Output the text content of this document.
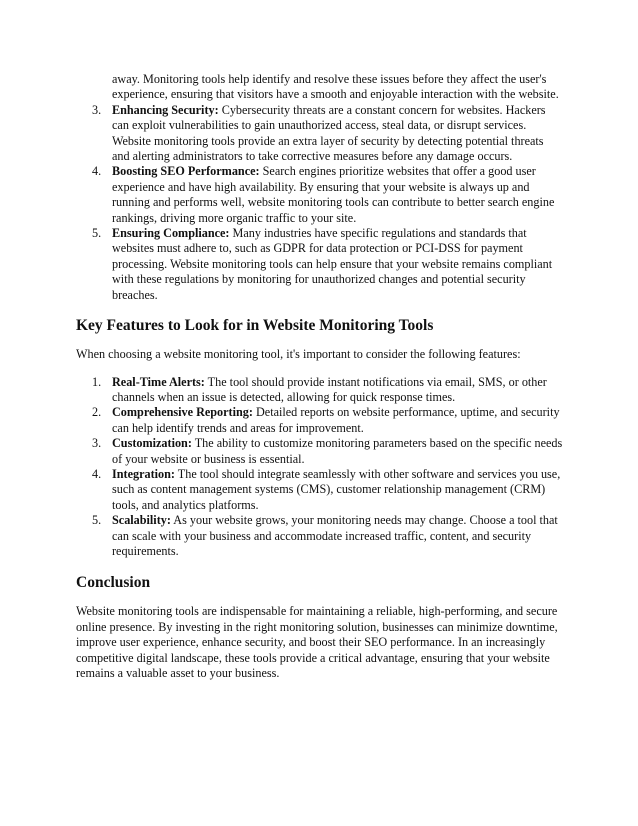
away. Monitoring tools help identify and resolve these issues before they affect the user's experience, ensuring that visitors have a smooth and enjoyable interaction with the website.

3. Enhancing Security: Cybersecurity threats are a constant concern for websites. Hackers can exploit vulnerabilities to gain unauthorized access, steal data, or disrupt services. Website monitoring tools provide an extra layer of security by detecting potential threats and alerting administrators to take corrective measures before any damage occurs.
4. Boosting SEO Performance: Search engines prioritize websites that offer a good user experience and have high availability. By ensuring that your website is always up and running and performs well, website monitoring tools can contribute to better search engine rankings, driving more organic traffic to your site.
5. Ensuring Compliance: Many industries have specific regulations and standards that websites must adhere to, such as GDPR for data protection or PCI-DSS for payment processing. Website monitoring tools can help ensure that your website remains compliant with these regulations by monitoring for unauthorized changes and potential security breaches.
Key Features to Look for in Website Monitoring Tools

When choosing a website monitoring tool, it's important to consider the following features:

1. Real-Time Alerts: The tool should provide instant notifications via email, SMS, or other channels when an issue is detected, allowing for quick response times.
2. Comprehensive Reporting: Detailed reports on website performance, uptime, and security can help identify trends and areas for improvement.
3. Customization: The ability to customize monitoring parameters based on the specific needs of your website or business is essential.
4. Integration: The tool should integrate seamlessly with other software and services you use, such as content management systems (CMS), customer relationship management (CRM) tools, and analytics platforms.
5. Scalability: As your website grows, your monitoring needs may change. Choose a tool that can scale with your business and accommodate increased traffic, content, and security requirements.
Conclusion

Website monitoring tools are indispensable for maintaining a reliable, high-performing, and secure online presence. By investing in the right monitoring solution, businesses can minimize downtime, improve user experience, enhance security, and boost their SEO performance. In an increasingly competitive digital landscape, these tools provide a critical advantage, ensuring that your website remains a valuable asset to your business.
